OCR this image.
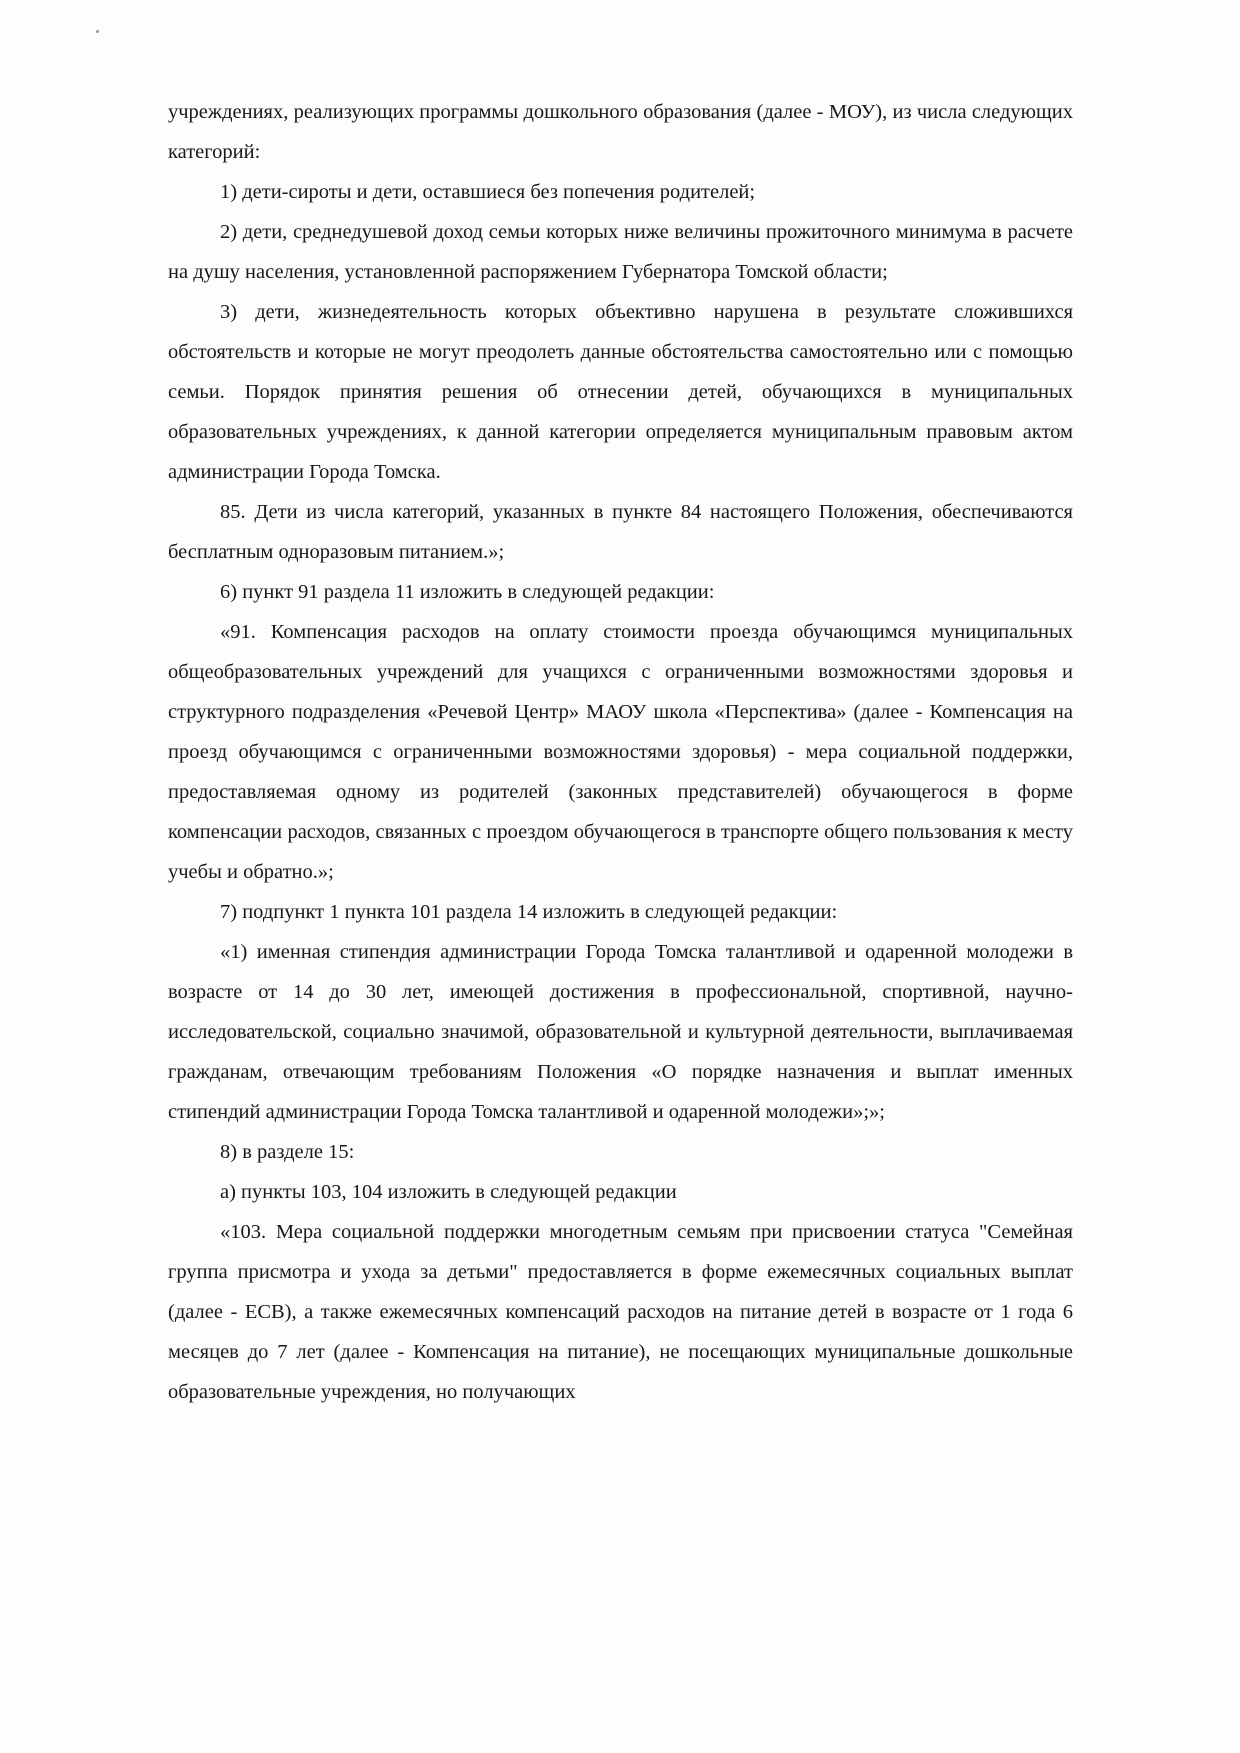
учреждениях, реализующих программы дошкольного образования (далее - МОУ), из числа следующих категорий:

1) дети-сироты и дети, оставшиеся без попечения родителей;

2) дети, среднедушевой доход семьи которых ниже величины прожиточного минимума в расчете на душу населения, установленной распоряжением Губернатора Томской области;

3) дети, жизнедеятельность которых объективно нарушена в результате сложившихся обстоятельств и которые не могут преодолеть данные обстоятельства самостоятельно или с помощью семьи. Порядок принятия решения об отнесении детей, обучающихся в муниципальных образовательных учреждениях, к данной категории определяется муниципальным правовым актом администрации Города Томска.

85. Дети из числа категорий, указанных в пункте 84 настоящего Положения, обеспечиваются бесплатным одноразовым питанием.»;

6) пункт 91 раздела 11 изложить в следующей редакции:

«91. Компенсация расходов на оплату стоимости проезда обучающимся муниципальных общеобразовательных учреждений для учащихся с ограниченными возможностями здоровья и структурного подразделения «Речевой Центр» МАОУ школа «Перспектива» (далее - Компенсация на проезд обучающимся с ограниченными возможностями здоровья) - мера социальной поддержки, предоставляемая одному из родителей (законных представителей) обучающегося в форме компенсации расходов, связанных с проездом обучающегося в транспорте общего пользования к месту учебы и обратно.»;

7) подпункт 1 пункта 101 раздела 14 изложить в следующей редакции:

«1) именная стипендия администрации Города Томска талантливой и одаренной молодежи в возрасте от 14 до 30 лет, имеющей достижения в профессиональной, спортивной, научно-исследовательской, социально значимой, образовательной и культурной деятельности, выплачиваемая гражданам, отвечающим требованиям Положения «О порядке назначения и выплат именных стипендий администрации Города Томска талантливой и одаренной молодежи»;»;

8) в разделе 15:

а) пункты 103, 104 изложить в следующей редакции

«103. Мера социальной поддержки многодетным семьям при присвоении статуса "Семейная группа присмотра и ухода за детьми" предоставляется в форме ежемесячных социальных выплат (далее - ЕСВ), а также ежемесячных компенсаций расходов на питание детей в возрасте от 1 года 6 месяцев до 7 лет (далее - Компенсация на питание), не посещающих муниципальные дошкольные образовательные учреждения, но получающих
